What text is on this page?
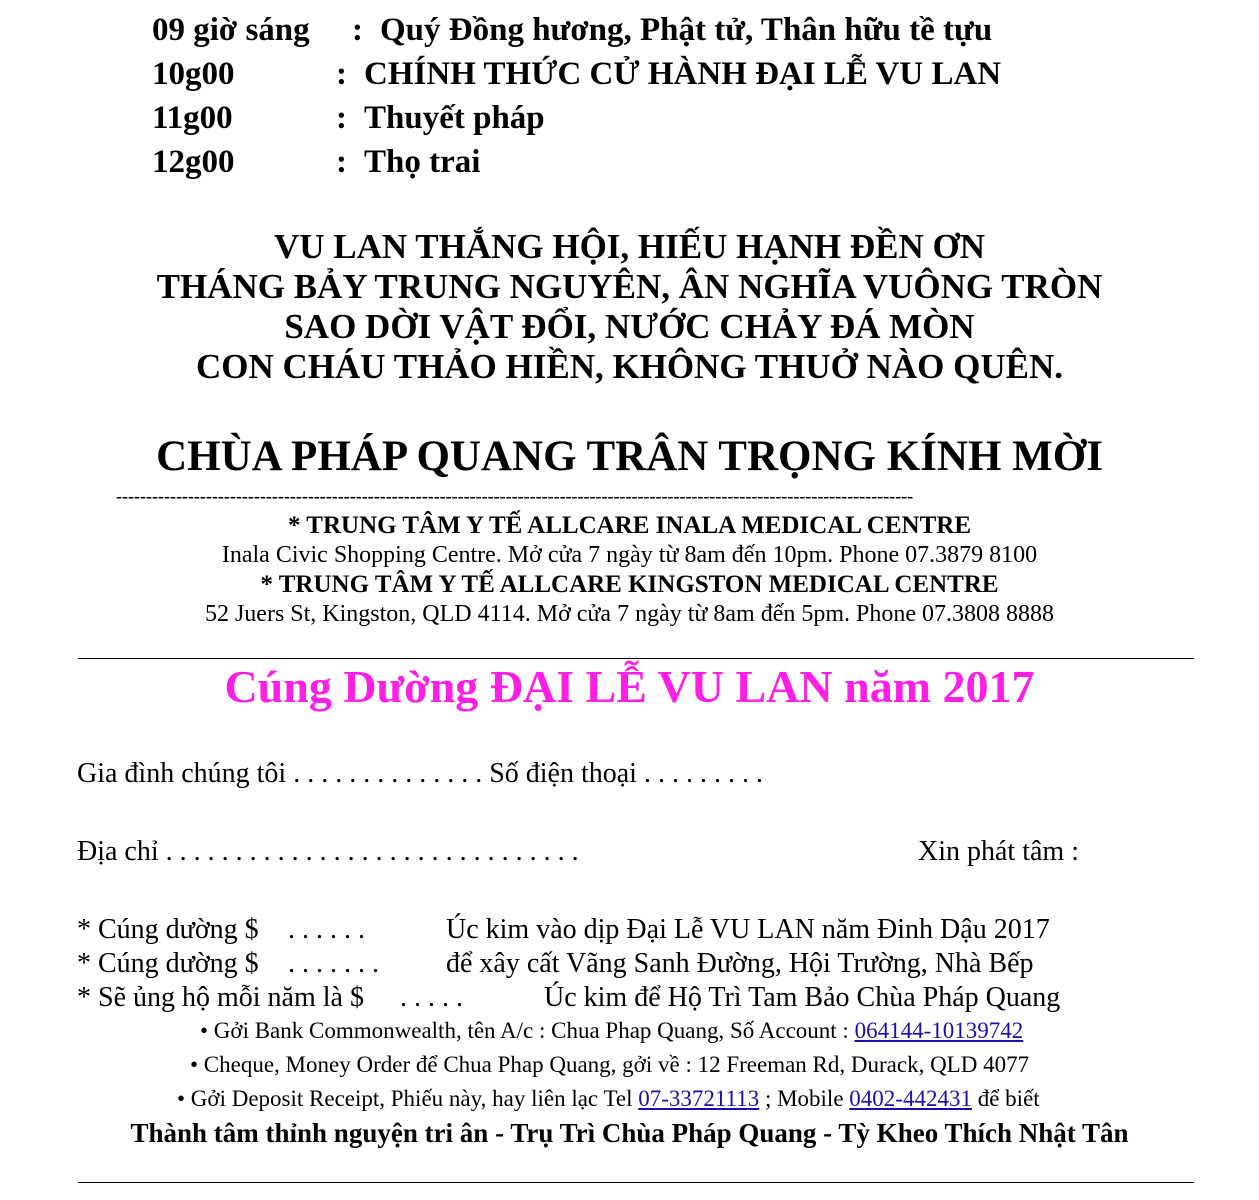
09 giờ sáng : Quý Đồng hương, Phật tử, Thân hữu tề tựu
10g00	: CHÍNH THỨC CỬ HÀNH ĐẠI LỄ VU LAN
11g00	: Thuyết pháp
12g00	: Thọ trai
VU LAN THẮNG HỘI, HIẾU HẠNH ĐỀN ƠN
THÁNG BẢY TRUNG NGUYÊN, ÂN NGHĨA VUÔNG TRÒN
SAO DỜI VẬT ĐỔI, NƯỚC CHẢY ĐÁ MÒN
CON CHÁU THẢO HIỀN, KHÔNG THUỞ NÀO QUÊN.
CHÙA PHÁP QUANG TRÂN TRỌNG KÍNH MỜI
-------------------------------------------------------------------------------------------------------------------------------------
* TRUNG TÂM Y TẾ ALLCARE INALA MEDICAL CENTRE
Inala Civic Shopping Centre. Mở cửa 7 ngày từ 8am đến 10pm. Phone 07.3879 8100
* TRUNG TÂM Y TẾ ALLCARE KINGSTON MEDICAL CENTRE
52 Juers St, Kingston, QLD 4114. Mở cửa 7 ngày từ 8am đến 5pm. Phone 07.3808 8888
Cúng Dường ĐẠI LỄ VU LAN năm 2017
Gia đình chúng tôi . . . . . . . . . . . . . . Số điện thoại . . . . . . . . .
Địa chỉ . . . . . . . . . . . . . . . . . . . . . . . . . . . . . .	Xin phát tâm :
* Cúng dường $ . . . . . .	Úc kim vào dịp Đại Lễ VU LAN năm Đinh Dậu 2017
* Cúng dường $ . . . . . . . để xây cất Vãng Sanh Đường, Hội Trường, Nhà Bếp
* Sẽ ủng hộ mỗi năm là $ . . . . .	Úc kim để Hộ Trì Tam Bảo Chùa Pháp Quang
• Gởi Bank Commonwealth, tên A/c : Chua Phap Quang, Số Account : 064144-10139742
• Cheque, Money Order để Chua Phap Quang, gởi về : 12 Freeman Rd, Durack, QLD 4077
• Gởi Deposit Receipt, Phiếu này, hay liên lạc Tel 07-33721113 ; Mobile 0402-442431 để biết
Thành tâm thỉnh nguyện tri ân - Trụ Trì Chùa Pháp Quang - Tỳ Kheo Thích Nhật Tân
